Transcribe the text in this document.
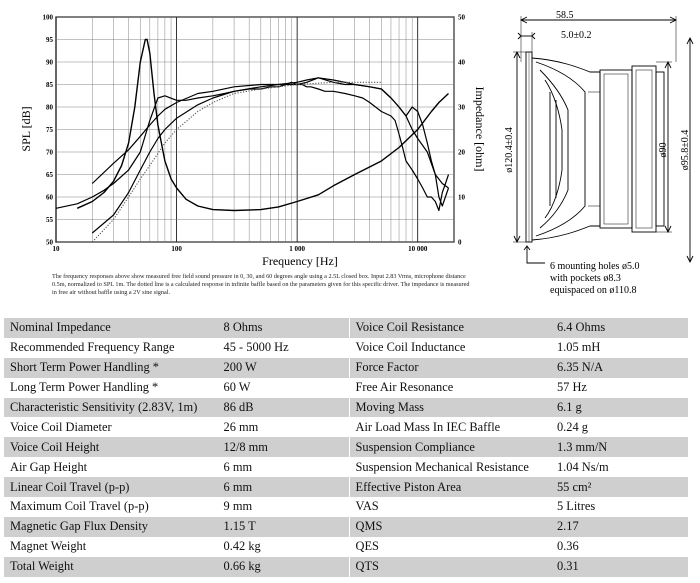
10	100	1 000	10 000
50
55
60
65
70
75
80
85
90
95
100
0
10
20
30
40
50
SPL [dB]	Impedance [ohm]
Frequency [Hz]
58.5
5.0±0.2
ø120.4±0.4	ø90 ø95.8±0.4
6 mounting holes ø5.0
with pockets ø8.3
equispaced on ø110.8
The frequency responses above show measured free field sound pressure in 0, 30, and 60 degrees angle using a 2.5L closed box. Input 2.83 Vrms, microphone distance 0.5m, normalized to SPL 1m. The dotted line is a calculated response in infinite baffle based on the parameters given for this specific driver. The impedance is measured in free air without baffle using a 2V sine signal.
Nominal Impedance	8 Ohms	Voice Coil Resistance	6.4 Ohms
Recommended Frequency Range	45 - 5000 Hz	Voice Coil Inductance	1.05 mH
Short Term Power Handling *	200 W	Force Factor	6.35 N/A
Long Term Power Handling *	60 W	Free Air Resonance	57 Hz
Characteristic Sensitivity (2.83V, 1m)	86 dB	Moving Mass	6.1 g
Voice Coil Diameter	26 mm	Air Load Mass In IEC Baffle	0.24 g
Voice Coil Height	12/8 mm	Suspension Compliance	1.3 mm/N
Air Gap Height	6 mm	Suspension Mechanical Resistance	1.04 Ns/m
Linear Coil Travel (p-p)	6 mm	Effective Piston Area	55 cm²
Maximum Coil Travel (p-p)	9 mm	VAS	5 Litres
Magnetic Gap Flux Density	1.15 T	QMS	2.17
Magnet Weight	0.42 kg	QES	0.36
Total Weight	0.66 kg	QTS	0.31
